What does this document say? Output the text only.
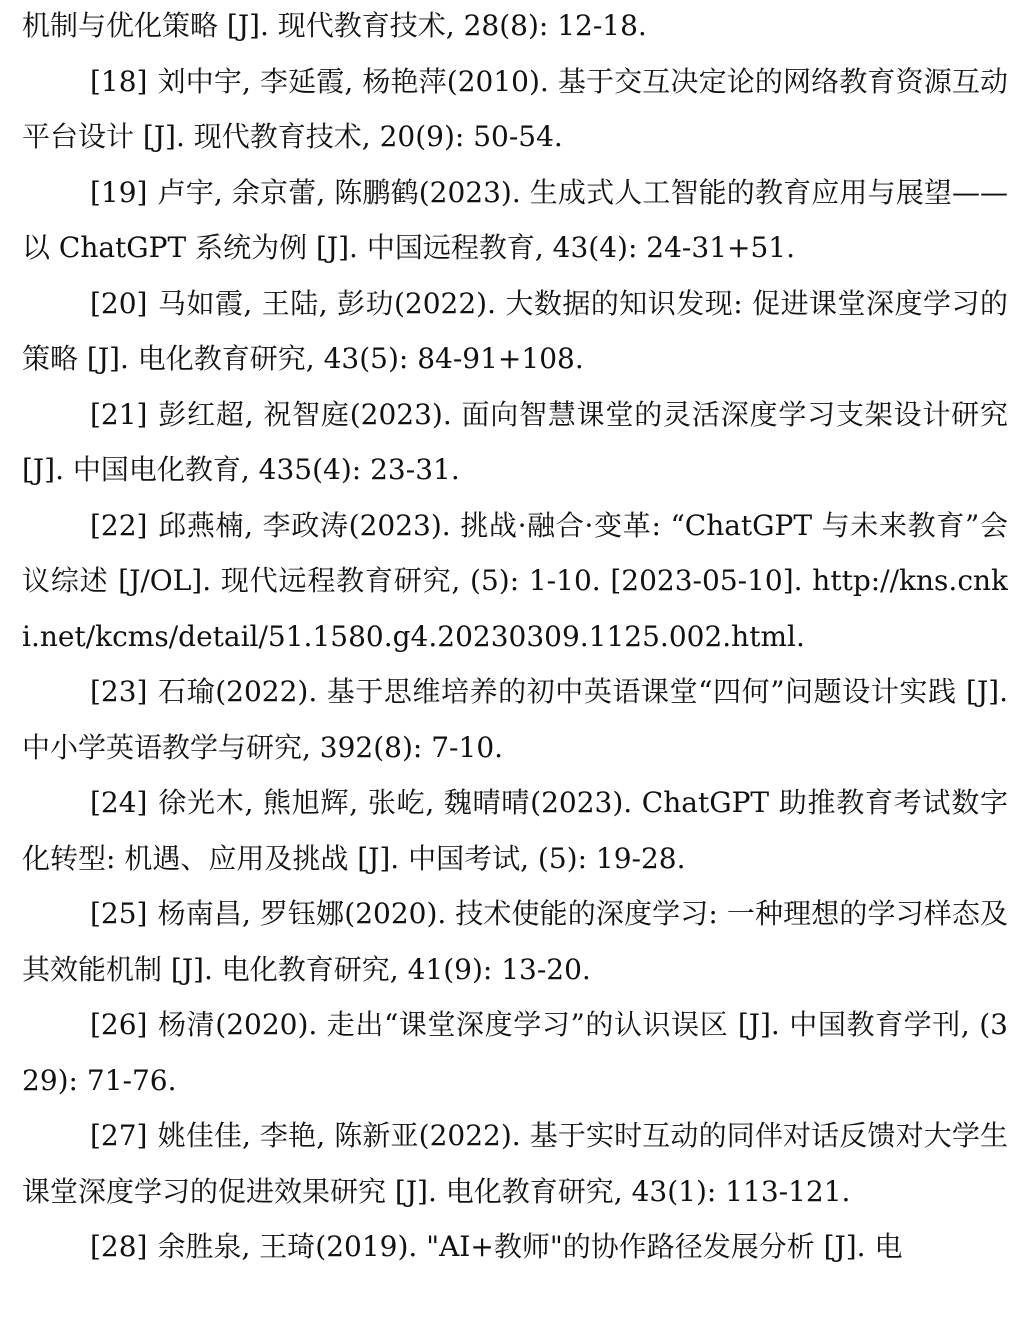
机制与优化策略 [J]. 现代教育技术, 28(8): 12-18.

[18] 刘中宇, 李延霞, 杨艳萍(2010). 基于交互决定论的网络教育资源互动平台设计 [J]. 现代教育技术, 20(9): 50-54.

[19] 卢宇, 余京蕾, 陈鹏鹤(2023). 生成式人工智能的教育应用与展望——以 ChatGPT 系统为例 [J]. 中国远程教育, 43(4): 24-31+51.

[20] 马如霞, 王陆, 彭玏(2022). 大数据的知识发现: 促进课堂深度学习的策略 [J]. 电化教育研究, 43(5): 84-91+108.

[21] 彭红超, 祝智庭(2023). 面向智慧课堂的灵活深度学习支架设计研究 [J]. 中国电化教育, 435(4): 23-31.

[22] 邱燕楠, 李政涛(2023). 挑战·融合·变革: “ChatGPT 与未来教育”会议综述 [J/OL]. 现代远程教育研究, (5): 1-10. [2023-05-10]. http://kns.cnki.net/kcms/detail/51.1580.g4.20230309.1125.002.html.

[23] 石瑜(2022). 基于思维培养的初中英语课堂“四何”问题设计实践 [J]. 中小学英语教学与研究, 392(8): 7-10.

[24] 徐光木, 熊旭辉, 张屹, 魏晴晴(2023). ChatGPT 助推教育考试数字化转型: 机遇、应用及挑战 [J]. 中国考试, (5): 19-28.

[25] 杨南昌, 罗钰娜(2020). 技术使能的深度学习: 一种理想的学习样态及其效能机制 [J]. 电化教育研究, 41(9): 13-20.

[26] 杨清(2020). 走出“课堂深度学习”的认识误区 [J]. 中国教育学刊, (329): 71-76.

[27] 姚佳佳, 李艳, 陈新亚(2022). 基于实时互动的同伴对话反馈对大学生课堂深度学习的促进效果研究 [J]. 电化教育研究, 43(1): 113-121.

[28] 余胜泉, 王琦(2019). "AI+教师"的协作路径发展分析 [J]. 电
